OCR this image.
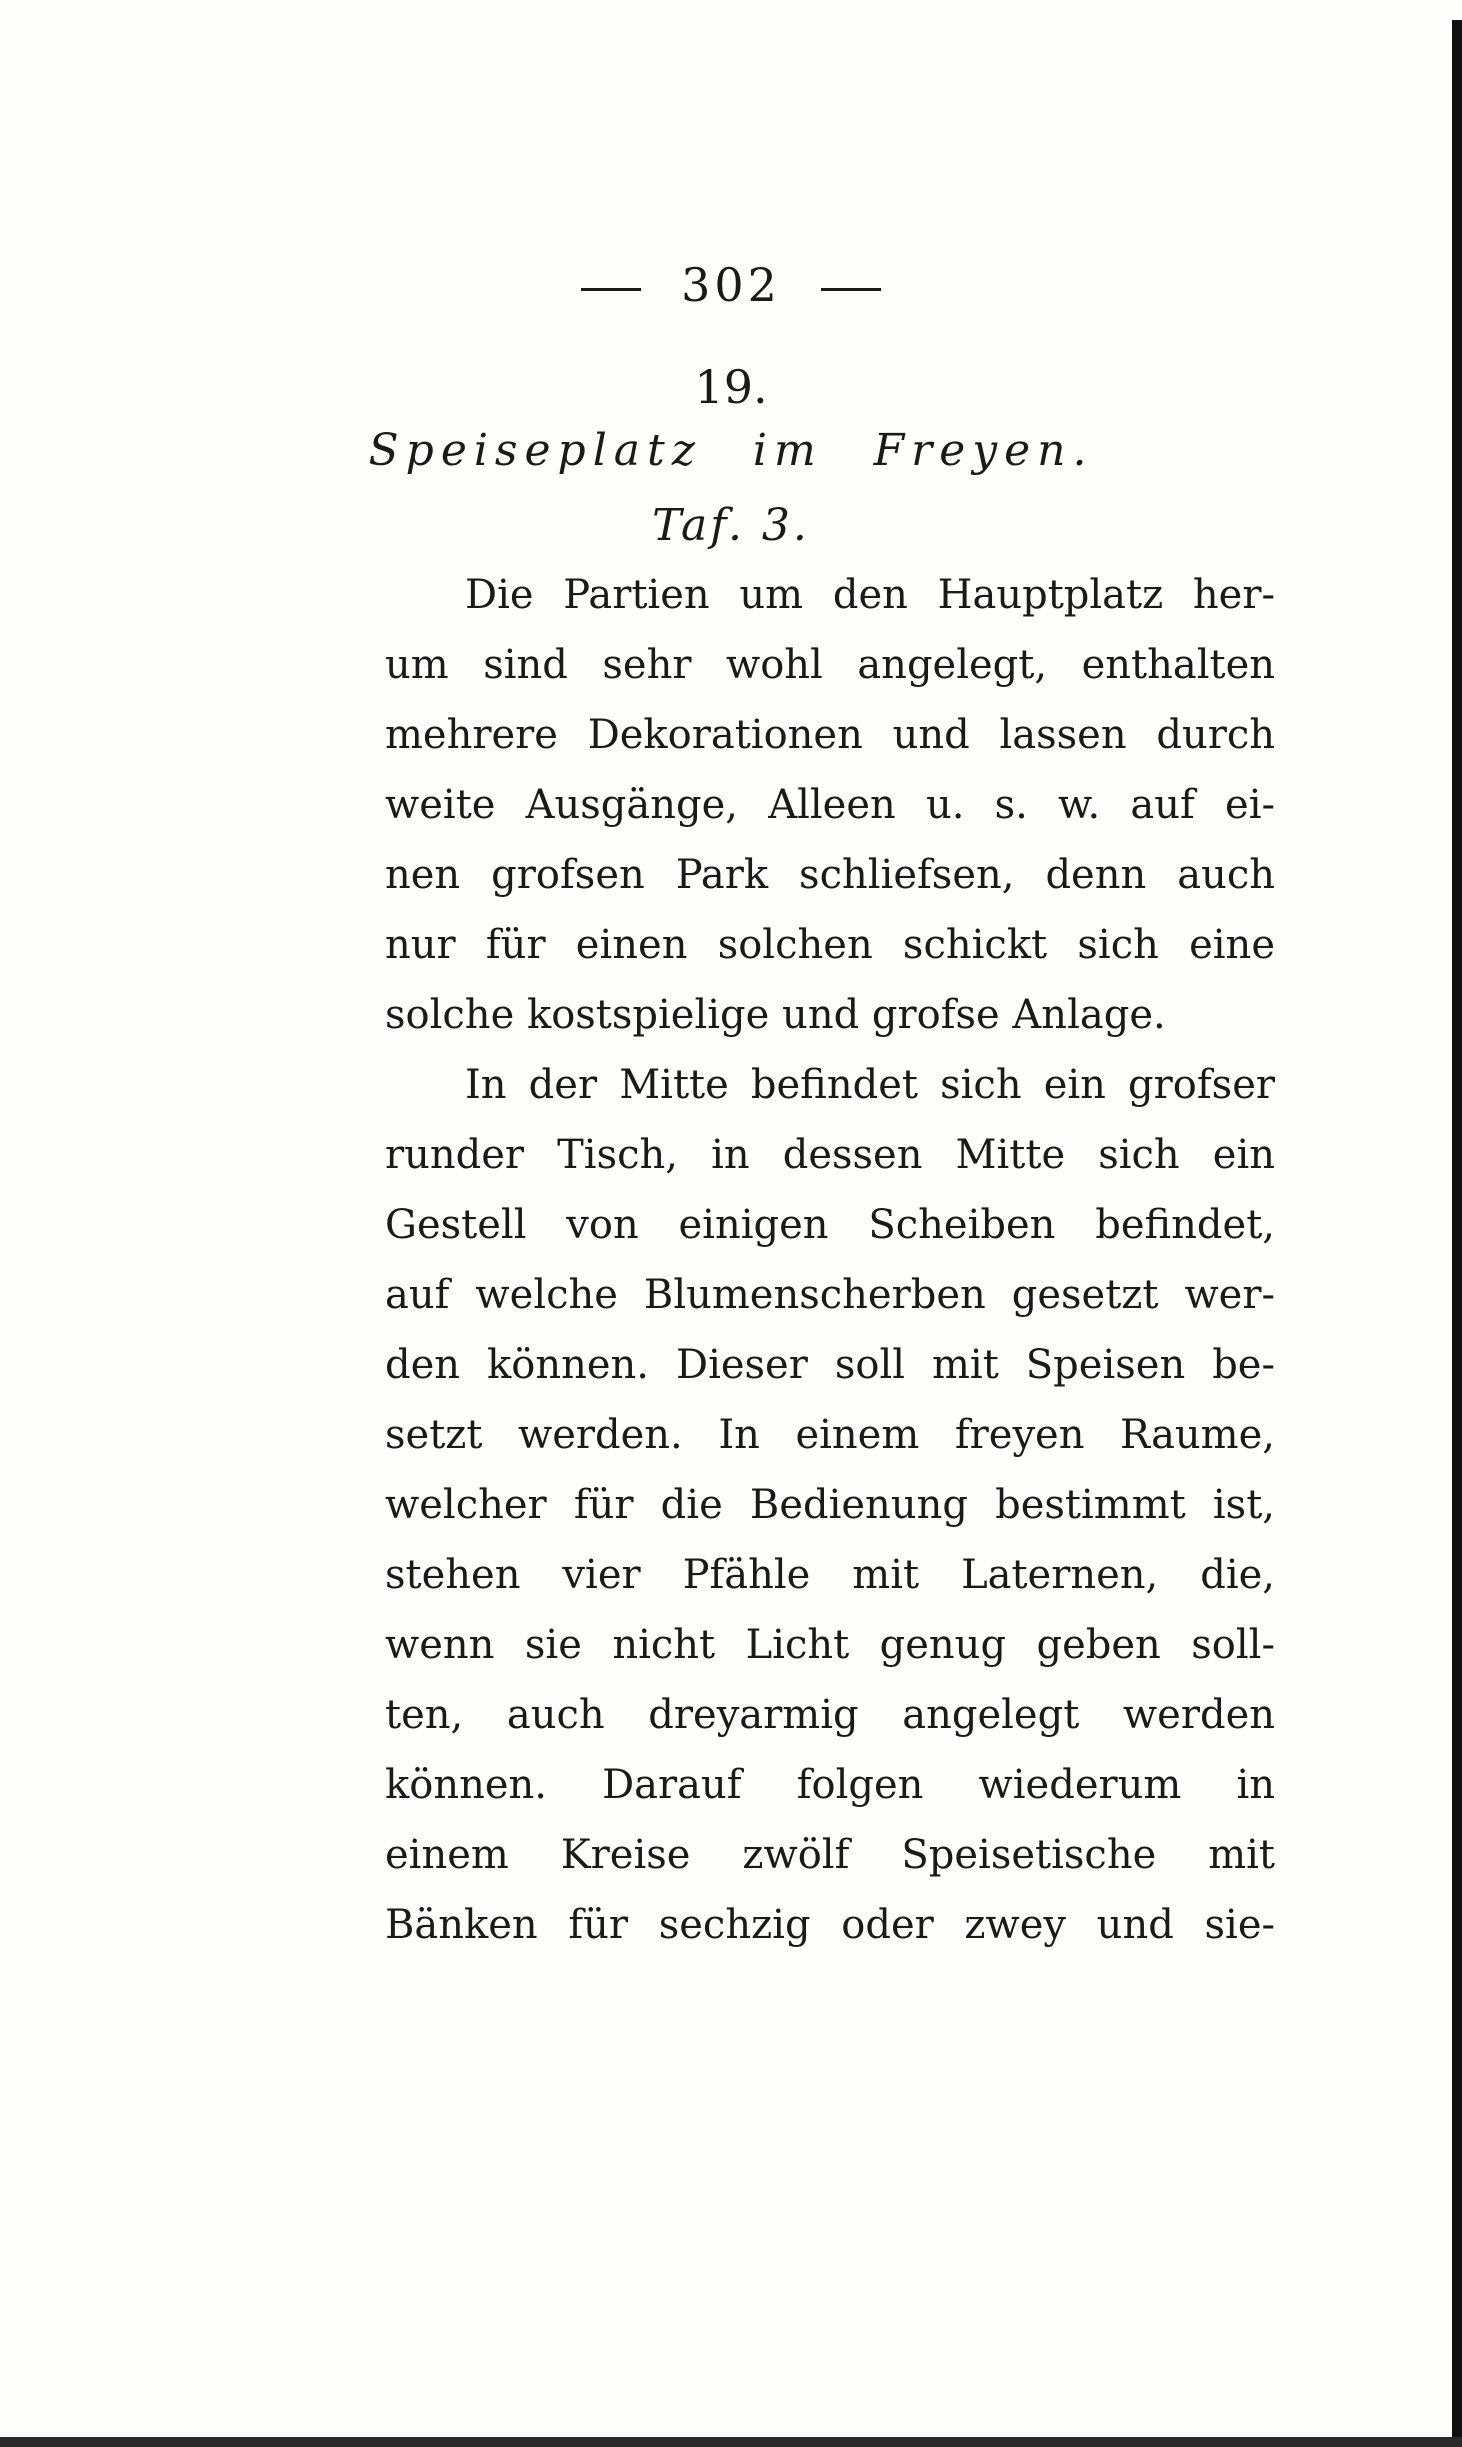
302
19.
Speiseplatz im Freyen.
Taf. 3.
Die Partien um den Hauptplatz her-
um sind sehr wohl angelegt, enthalten
mehrere Dekorationen und lassen durch
weite Ausgänge, Alleen u. s. w. auf ei-
nen grofsen Park schliefsen, denn auch
nur für einen solchen schickt sich eine
solche kostspielige und grofse Anlage.
In der Mitte befindet sich ein grofser
runder Tisch, in dessen Mitte sich ein
Gestell von einigen Scheiben befindet,
auf welche Blumenscherben gesetzt wer-
den können. Dieser soll mit Speisen be-
setzt werden. In einem freyen Raume,
welcher für die Bedienung bestimmt ist,
stehen vier Pfähle mit Laternen, die,
wenn sie nicht Licht genug geben soll-
ten, auch dreyarmig angelegt werden
können. Darauf folgen wiederum in
einem Kreise zwölf Speisetische mit
Bänken für sechzig oder zwey und sie-
